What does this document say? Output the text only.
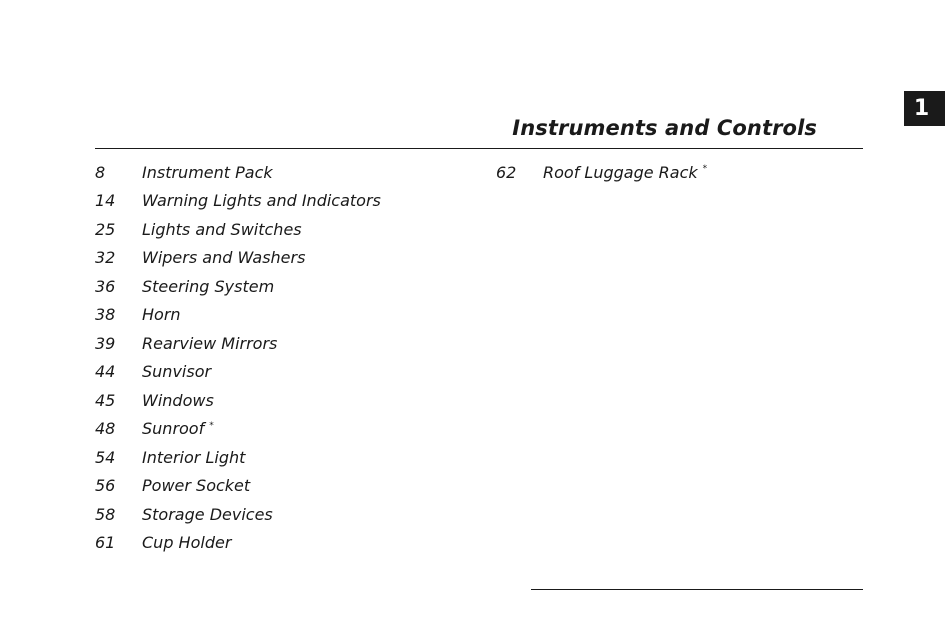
1
Instruments and Controls
8	Instrument Pack
14	Warning Lights and Indicators
25	Lights and Switches
32	Wipers and Washers
36	Steering System
38	Horn
39	Rearview Mirrors
44	Sunvisor
45	Windows
48	Sunroof *
54	Interior Light
56	Power Socket
58	Storage Devices
61	Cup Holder
62	Roof Luggage Rack *
